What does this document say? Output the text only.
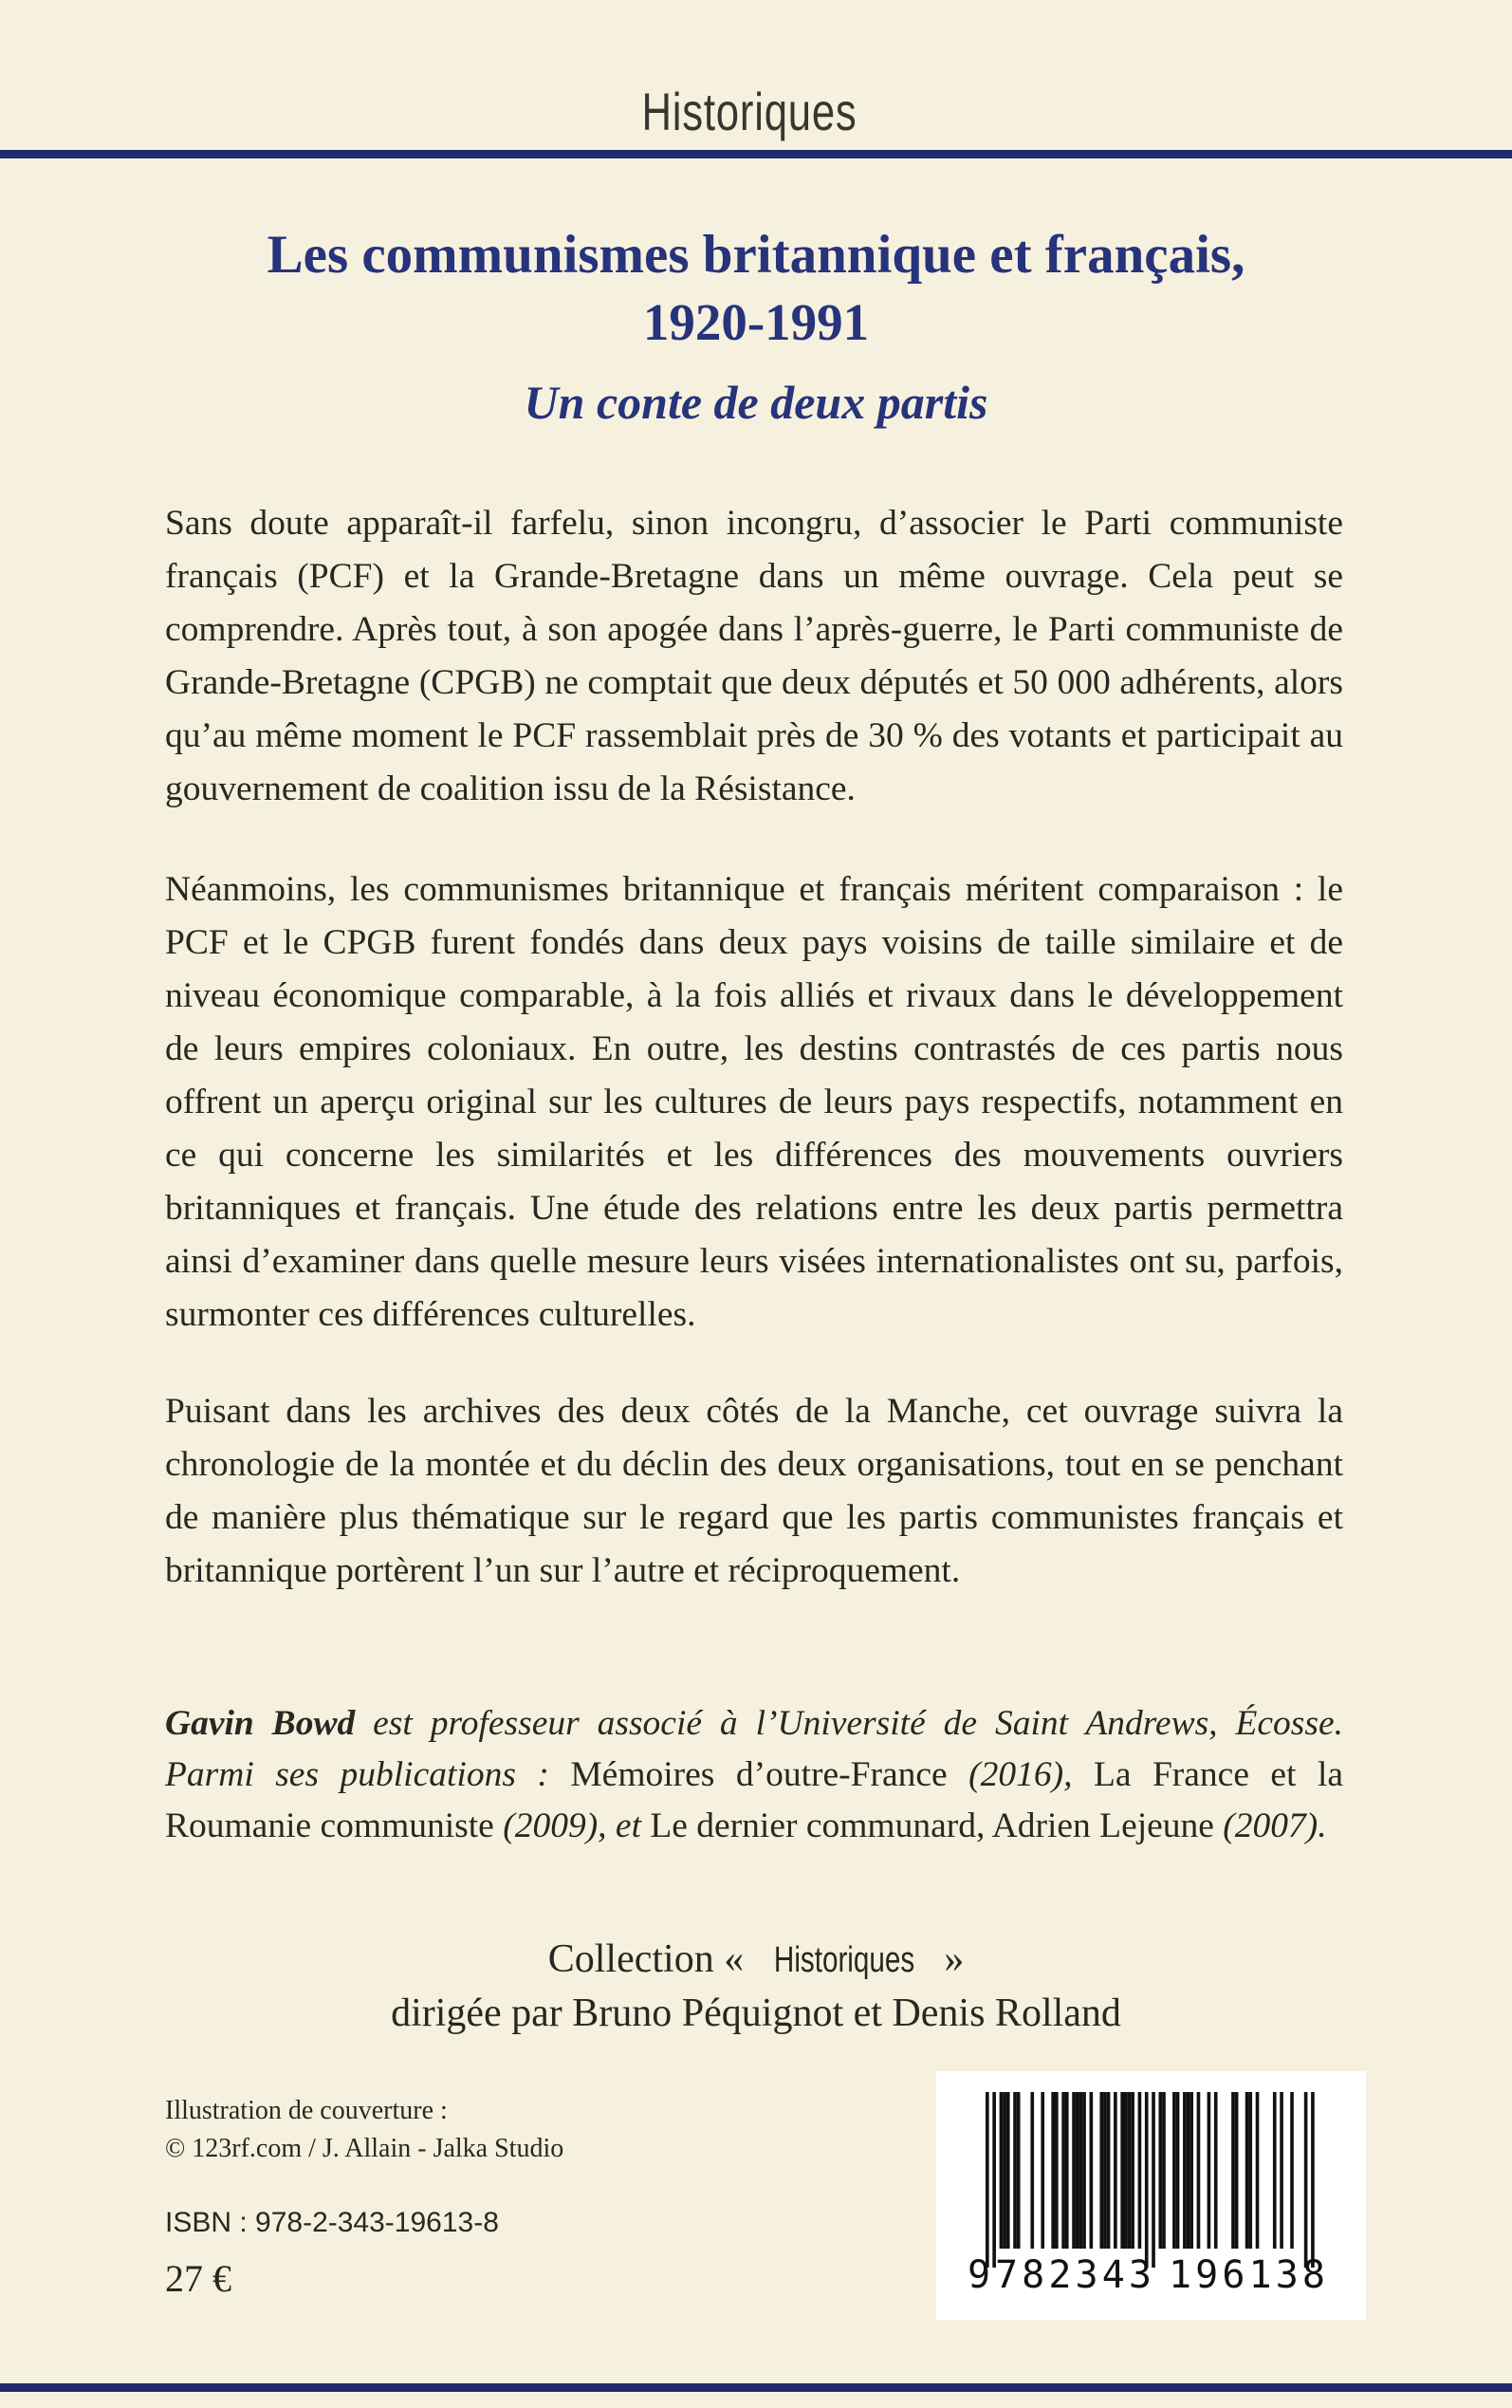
Historiques
Les communismes britannique et français,
1920-1991
Un conte de deux partis

Sans doute apparaît-il farfelu, sinon incongru, d’associer le Parti communiste français (PCF) et la Grande-Bretagne dans un même ouvrage. Cela peut se comprendre. Après tout, à son apogée dans l’après-guerre, le Parti communiste de Grande-Bretagne (CPGB) ne comptait que deux députés et 50 000 adhérents, alors qu’au même moment le PCF rassemblait près de 30 % des votants et participait au gouvernement de coalition issu de la Résistance.

Néanmoins, les communismes britannique et français méritent comparaison : le PCF et le CPGB furent fondés dans deux pays voisins de taille similaire et de niveau économique comparable, à la fois alliés et rivaux dans le développement de leurs empires coloniaux. En outre, les destins contrastés de ces partis nous offrent un aperçu original sur les cultures de leurs pays respectifs, notamment en ce qui concerne les similarités et les différences des mouvements ouvriers britanniques et français. Une étude des relations entre les deux partis permettra ainsi d’examiner dans quelle mesure leurs visées internationalistes ont su, parfois, surmonter ces différences culturelles.

Puisant dans les archives des deux côtés de la Manche, cet ouvrage suivra la chronologie de la montée et du déclin des deux organisations, tout en se penchant de manière plus thématique sur le regard que les partis communistes français et britannique portèrent l’un sur l’autre et réciproquement.

Gavin Bowd est professeur associé à l’Université de Saint Andrews, Écosse. Parmi ses publications : Mémoires d’outre-France (2016), La France et la Roumanie communiste (2009), et Le dernier communard, Adrien Lejeune (2007).

Collection « Historiques »
dirigée par Bruno Péquignot et Denis Rolland
Illustration de couverture :
© 123rf.com / J. Allain - Jalka Studio
ISBN : 978-2-343-19613-8
27 €	9 782343 196138
